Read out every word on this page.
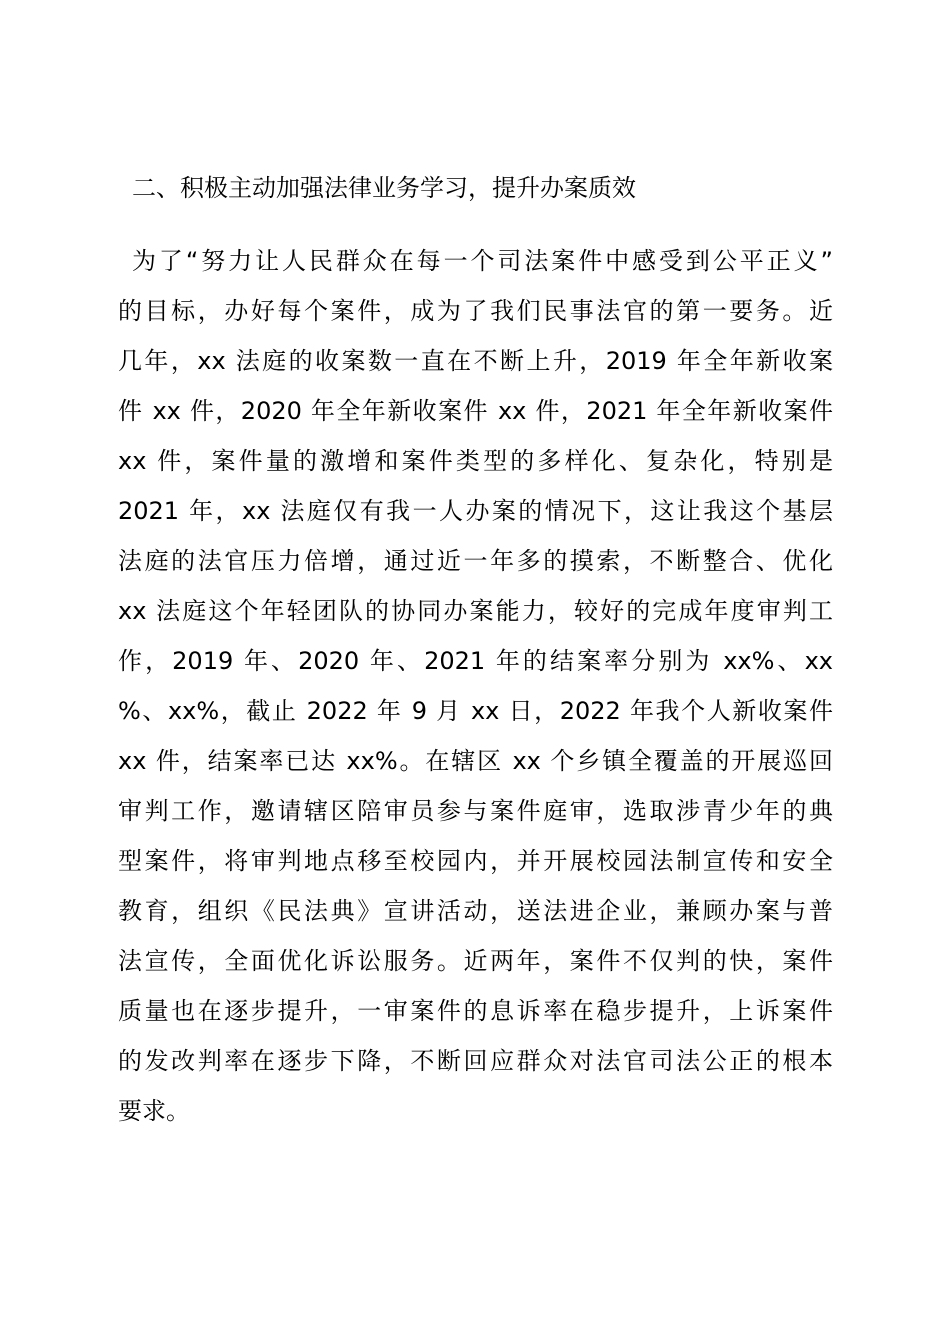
二、积极主动加强法律业务学习，提升办案质效
为了“努力让人民群众在每一个司法案件中感受到公平正义”
的目标，办好每个案件，成为了我们民事法官的第一要务。近
几年，xx 法庭的收案数一直在不断上升，2019 年全年新收案
件 xx 件，2020 年全年新收案件 xx 件，2021 年全年新收案件
xx 件，案件量的激增和案件类型的多样化、复杂化，特别是
2021 年，xx 法庭仅有我一人办案的情况下，这让我这个基层
法庭的法官压力倍增，通过近一年多的摸索，不断整合、优化
xx 法庭这个年轻团队的协同办案能力，较好的完成年度审判工
作，2019 年、2020 年、2021 年的结案率分别为 xx%、xx
%、xx%，截止 2022 年 9 月 xx 日，2022 年我个人新收案件
xx 件，结案率已达 xx%。在辖区 xx 个乡镇全覆盖的开展巡回
审判工作，邀请辖区陪审员参与案件庭审，选取涉青少年的典
型案件，将审判地点移至校园内，并开展校园法制宣传和安全
教育，组织《民法典》宣讲活动，送法进企业，兼顾办案与普
法宣传，全面优化诉讼服务。近两年，案件不仅判的快，案件
质量也在逐步提升，一审案件的息诉率在稳步提升，上诉案件
的发改判率在逐步下降，不断回应群众对法官司法公正的根本
要求。
